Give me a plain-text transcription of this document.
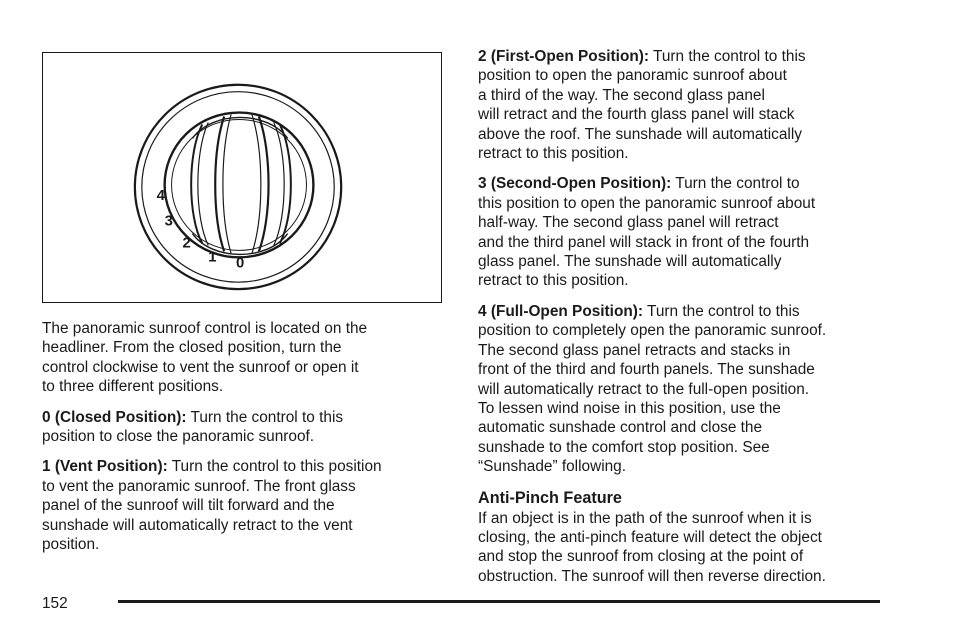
4
3
2
1 0

The panoramic sunroof control is located on the
headliner. From the closed position, turn the
control clockwise to vent the sunroof or open it
to three different positions.

0 (Closed Position): Turn the control to this
position to close the panoramic sunroof.

1 (Vent Position): Turn the control to this position
to vent the panoramic sunroof. The front glass
panel of the sunroof will tilt forward and the
sunshade will automatically retract to the vent
position.

2 (First-Open Position): Turn the control to this
position to open the panoramic sunroof about
a third of the way. The second glass panel
will retract and the fourth glass panel will stack
above the roof. The sunshade will automatically
retract to this position.

3 (Second-Open Position): Turn the control to
this position to open the panoramic sunroof about
half-way. The second glass panel will retract
and the third panel will stack in front of the fourth
glass panel. The sunshade will automatically
retract to this position.

4 (Full-Open Position): Turn the control to this
position to completely open the panoramic sunroof.
The second glass panel retracts and stacks in
front of the third and fourth panels. The sunshade
will automatically retract to the full-open position.
To lessen wind noise in this position, use the
automatic sunshade control and close the
sunshade to the comfort stop position. See
“Sunshade” following.

Anti-Pinch Feature

If an object is in the path of the sunroof when it is
closing, the anti-pinch feature will detect the object
and stop the sunroof from closing at the point of
obstruction. The sunroof will then reverse direction.

152
